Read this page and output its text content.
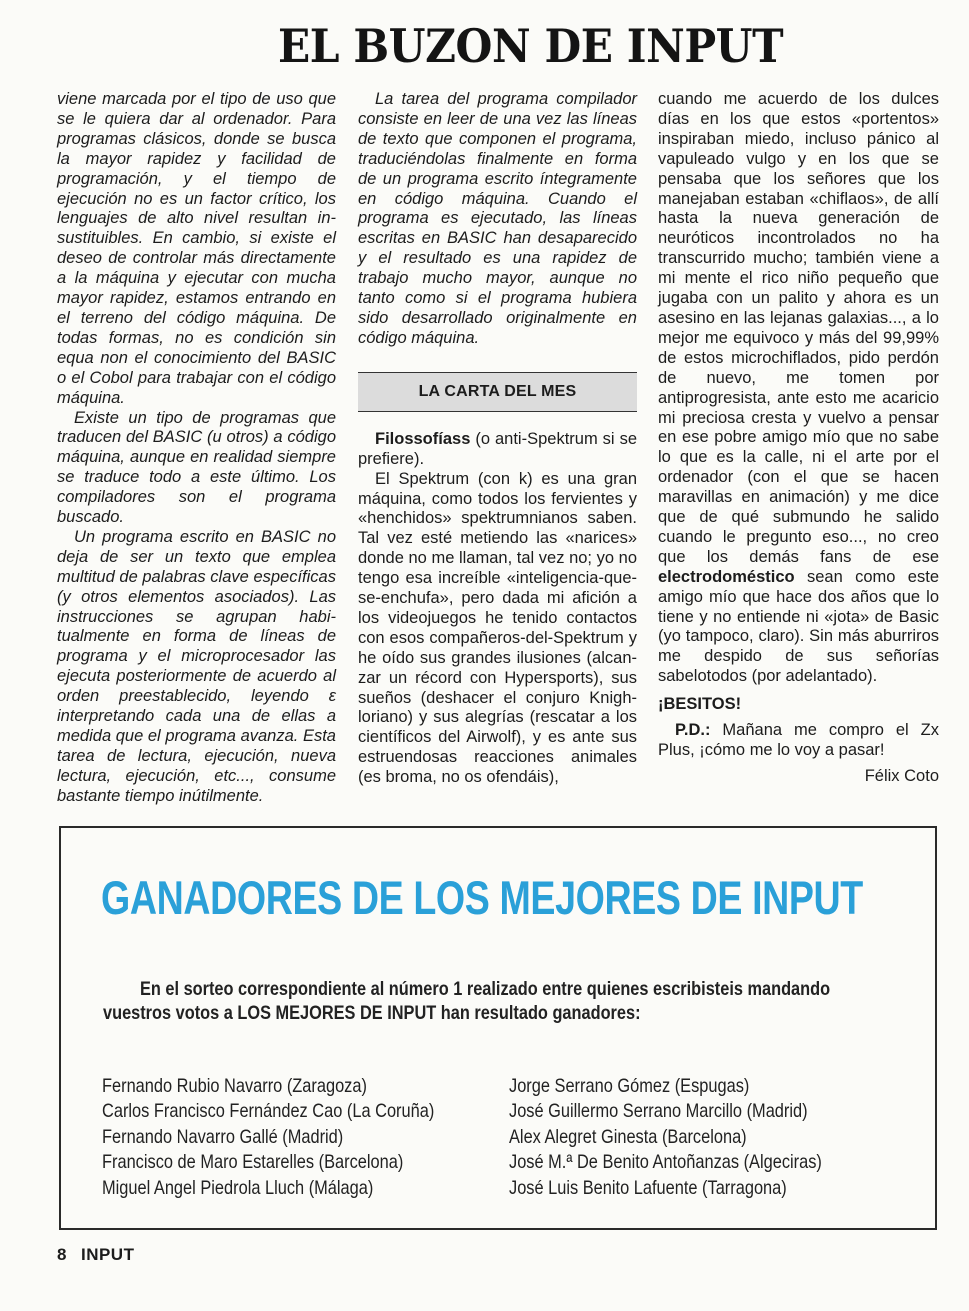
EL BUZON DE INPUT

viene marcada por el tipo de uso que se le quiera dar al ordenador. Para programas clásicos, donde se busca la mayor rapidez y facilidad de programación, y el tiempo de ejecución no es un factor crítico, los lenguajes de alto nivel resultan insustituibles. En cambio, si existe el deseo de controlar más directamente a la máquina y ejecutar con mucha mayor rapidez, estamos entrando en el terreno del código máquina. De todas formas, no es condición sin equa non el conocimiento del BASIC o el Cobol para trabajar con el código máquina.

Existe un tipo de programas que traducen del BASIC (u otros) a código máquina, aunque en realidad siempre se traduce todo a este último. Los compiladores son el programa buscado.

Un programa escrito en BASIC no deja de ser un texto que emplea multitud de palabras clave específicas (y otros elementos asociados). Las instrucciones se agrupan habitualmente en forma de líneas de programa y el microprocesador las ejecuta posteriormente de acuerdo al orden preestablecido, leyendo ε interpretando cada una de ellas a medida que el programa avanza. Esta tarea de lectura, ejecución, nueva lectura, ejecución, etc..., consume bastante tiempo inútilmente.

La tarea del programa compilador consiste en leer de una vez las líneas de texto que componen el programa, traduciéndolas finalmente en forma de un programa escrito íntegramente en código máquina. Cuando el programa es ejecutado, las líneas escritas en BASIC han desaparecido y el resultado es una rapidez de trabajo mucho mayor, aunque no tanto como si el programa hubiera sido desarrollado originalmente en código máquina.

LA CARTA DEL MES

Filossofíass (o anti-Spektrum si se prefiere).

El Spektrum (con k) es una gran máquina, como todos los fervientes y «henchidos» spektrumnianos saben. Tal vez esté metiendo las «narices» donde no me llaman, tal vez no; yo no tengo esa increíble «inteligencia-que-se-enchufa», pero dada mi afición a los videojuegos he tenido contactos con esos compañeros-del-Spektrum y he oído sus grandes ilusiones (alcanzar un récord con Hypersports), sus sueños (deshacer el conjuro Knighloriano) y sus alegrías (rescatar a los científicos del Airwolf), y es ante sus estruendosas reacciones animales (es broma, no os ofendáis),

cuando me acuerdo de los dulces días en los que estos «portentos» inspiraban miedo, incluso pánico al vapuleado vulgo y en los que se pensaba que los señores que los manejaban estaban «chiflaos», de allí hasta la nueva generación de neuróticos incontrolados no ha transcurrido mucho; también viene a mi mente el rico niño pequeño que jugaba con un palito y ahora es un asesino en las lejanas galaxias..., a lo mejor me equivoco y más del 99,99% de estos microchiflados, pido perdón de nuevo, me tomen por antiprogresista, ante esto me acaricio mi preciosa cresta y vuelvo a pensar en ese pobre amigo mío que no sabe lo que es la calle, ni el arte por el ordenador (con el que se hacen maravillas en animación) y me dice que de qué submundo he salido cuando le pregunto eso..., no creo que los demás fans de ese electrodoméstico sean como este amigo mío que hace dos años que lo tiene y no entiende ni «jota» de Basic (yo tampoco, claro). Sin más aburriros me despido de sus señorías sabelotodos (por adelantado).

¡BESITOS!

P.D.: Mañana me compro el Zx Plus, ¡cómo me lo voy a pasar!

Félix Coto

GANADORES DE LOS MEJORES DE INPUT
En el sorteo correspondiente al número 1 realizado entre quienes escribisteis mandando
vuestros votos a LOS MEJORES DE INPUT han resultado ganadores:
Fernando Rubio Navarro (Zaragoza)
Carlos Francisco Fernández Cao (La Coruña)
Fernando Navarro Gallé (Madrid)
Francisco de Maro Estarelles (Barcelona)
Miguel Angel Piedrola Lluch (Málaga)
Jorge Serrano Gómez (Espugas)
José Guillermo Serrano Marcillo (Madrid)
Alex Alegret Ginesta (Barcelona)
José M.ª De Benito Antoñanzas (Algeciras)
José Luis Benito Lafuente (Tarragona)
8 INPUT
